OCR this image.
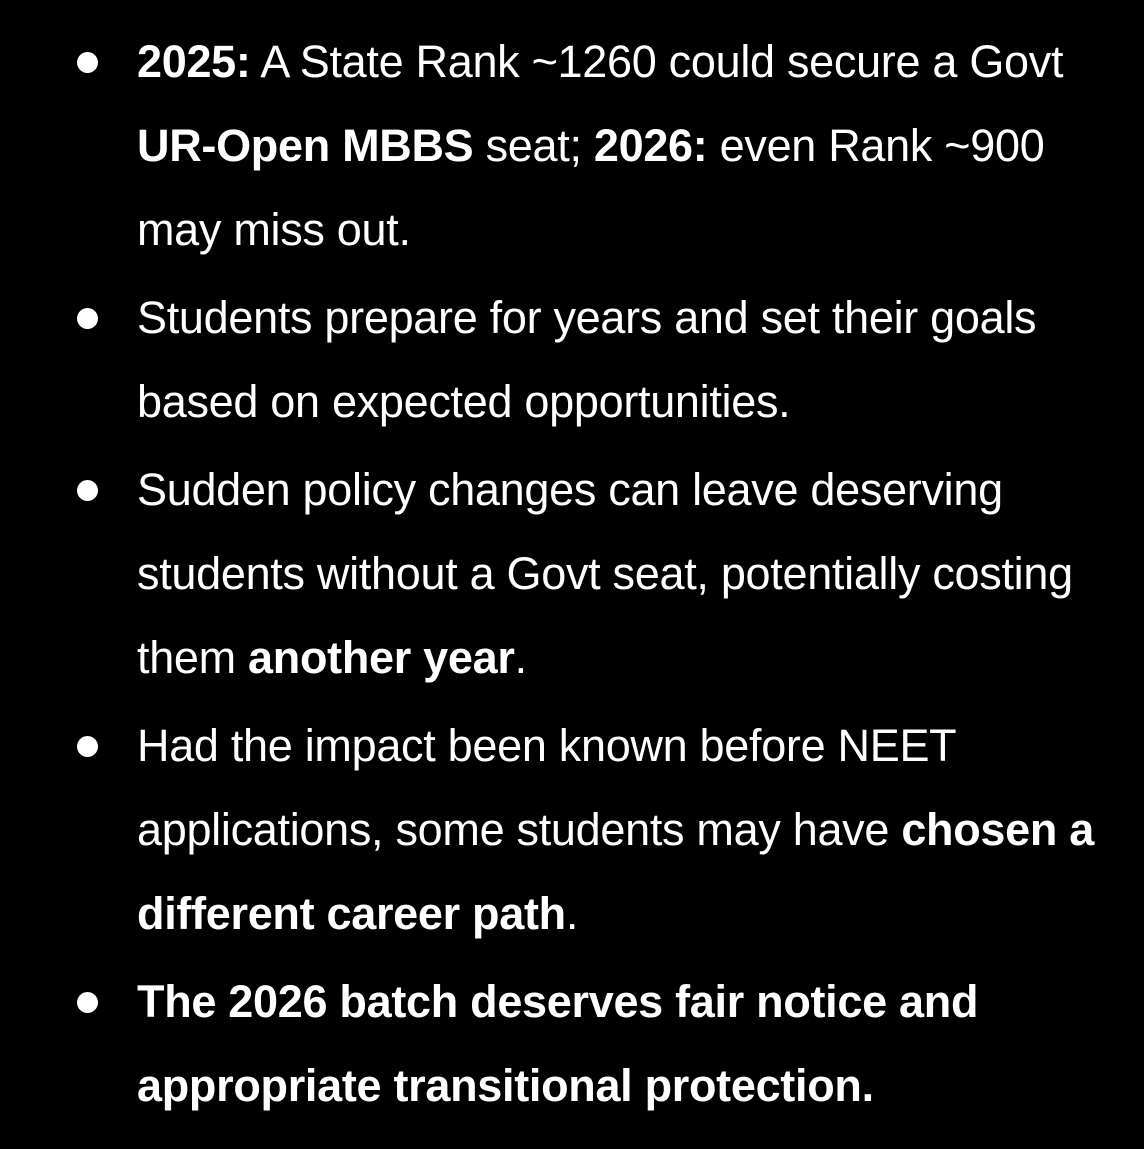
2025: A State Rank ~1260 could secure a Govt UR-Open MBBS seat; 2026: even Rank ~900 may miss out.
Students prepare for years and set their goals based on expected opportunities.
Sudden policy changes can leave deserving students without a Govt seat, potentially costing them another year.
Had the impact been known before NEET applications, some students may have chosen a different career path.
The 2026 batch deserves fair notice and appropriate transitional protection.
